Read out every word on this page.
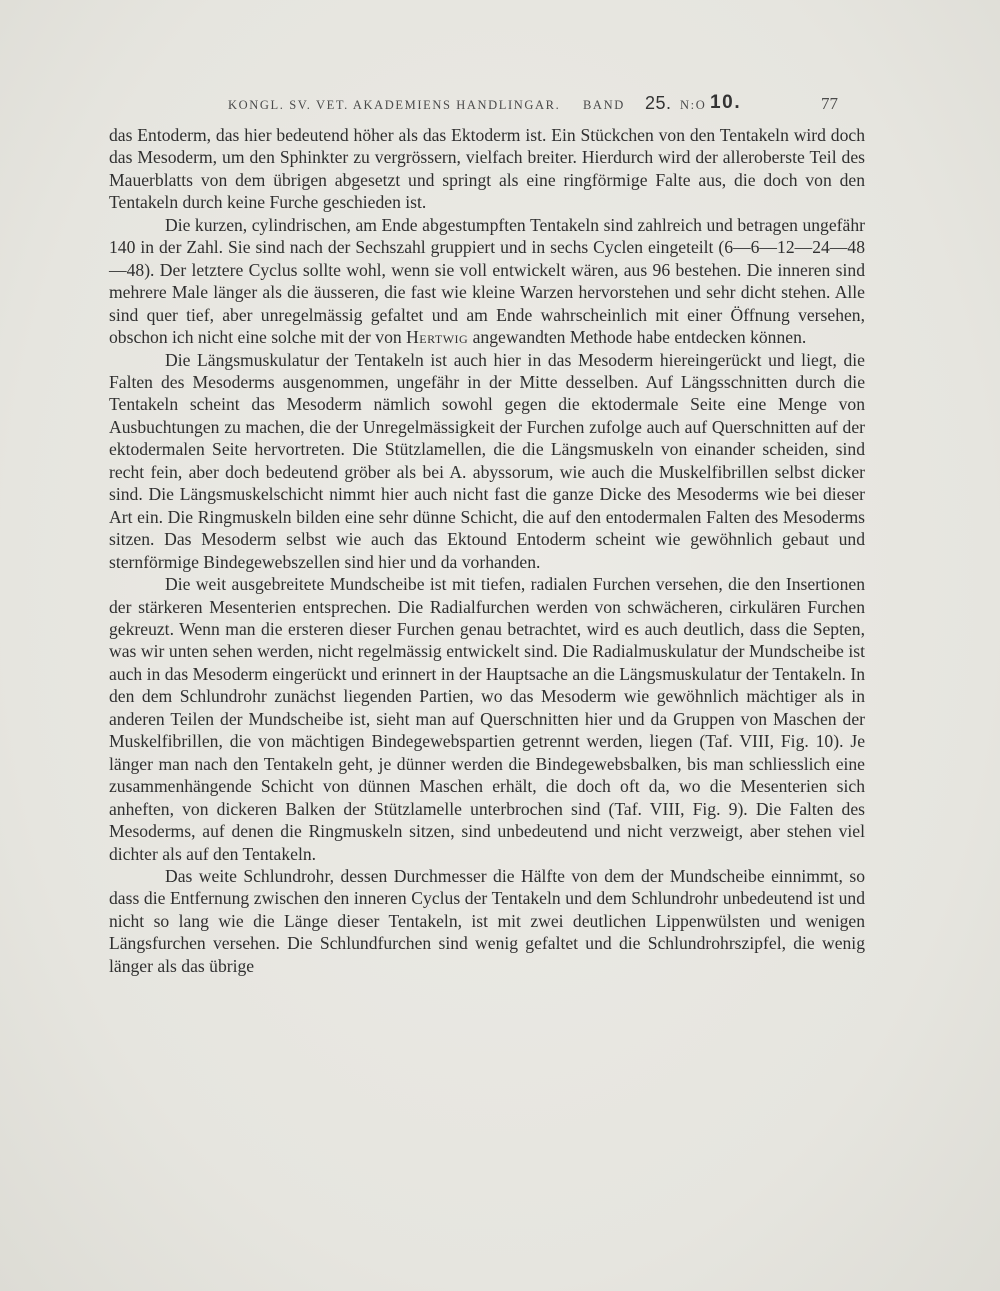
KONGL. SV. VET. AKADEMIENS HANDLINGAR. BAND 25. N:O 10.	77

das Entoderm, das hier bedeutend höher als das Ektoderm ist. Ein Stückchen von den Tentakeln wird doch das Mesoderm, um den Sphinkter zu vergrössern, vielfach breiter. Hierdurch wird der alleroberste Teil des Mauerblatts von dem übrigen abgesetzt und springt als eine ringförmige Falte aus, die doch von den Tentakeln durch keine Furche geschieden ist.

Die kurzen, cylindrischen, am Ende abgestumpften Tentakeln sind zahlreich und betragen ungefähr 140 in der Zahl. Sie sind nach der Sechszahl gruppiert und in sechs Cyclen eingeteilt (6—6—12—24—48—48). Der letztere Cyclus sollte wohl, wenn sie voll entwickelt wären, aus 96 bestehen. Die inneren sind mehrere Male länger als die äusseren, die fast wie kleine Warzen hervorstehen und sehr dicht stehen. Alle sind quer tief, aber unregelmässig gefaltet und am Ende wahrscheinlich mit einer Öffnung versehen, obschon ich nicht eine solche mit der von Hertwig angewandten Methode habe entdecken können.

Die Längsmuskulatur der Tentakeln ist auch hier in das Mesoderm hiereingerückt und liegt, die Falten des Mesoderms ausgenommen, ungefähr in der Mitte desselben. Auf Längsschnitten durch die Tentakeln scheint das Mesoderm nämlich sowohl gegen die ektodermale Seite eine Menge von Ausbuchtungen zu machen, die der Unregelmässigkeit der Furchen zufolge auch auf Querschnitten auf der ektodermalen Seite hervortreten. Die Stützlamellen, die die Längsmuskeln von einander scheiden, sind recht fein, aber doch bedeutend gröber als bei A. abyssorum, wie auch die Muskelfibrillen selbst dicker sind. Die Längsmuskelschicht nimmt hier auch nicht fast die ganze Dicke des Mesoderms wie bei dieser Art ein. Die Ringmuskeln bilden eine sehr dünne Schicht, die auf den entodermalen Falten des Mesoderms sitzen. Das Mesoderm selbst wie auch das Ektound Entoderm scheint wie gewöhnlich gebaut und sternförmige Bindegewebszellen sind hier und da vorhanden.

Die weit ausgebreitete Mundscheibe ist mit tiefen, radialen Furchen versehen, die den Insertionen der stärkeren Mesenterien entsprechen. Die Radialfurchen werden von schwächeren, cirkulären Furchen gekreuzt. Wenn man die ersteren dieser Furchen genau betrachtet, wird es auch deutlich, dass die Septen, was wir unten sehen werden, nicht regelmässig entwickelt sind. Die Radialmuskulatur der Mundscheibe ist auch in das Mesoderm eingerückt und erinnert in der Hauptsache an die Längsmuskulatur der Tentakeln. In den dem Schlundrohr zunächst liegenden Partien, wo das Mesoderm wie gewöhnlich mächtiger als in anderen Teilen der Mundscheibe ist, sieht man auf Querschnitten hier und da Gruppen von Maschen der Muskelfibrillen, die von mächtigen Bindegewebspartien getrennt werden, liegen (Taf. VIII, Fig. 10). Je länger man nach den Tentakeln geht, je dünner werden die Bindegewebsbalken, bis man schliesslich eine zusammenhängende Schicht von dünnen Maschen erhält, die doch oft da, wo die Mesenterien sich anheften, von dickeren Balken der Stützlamelle unterbrochen sind (Taf. VIII, Fig. 9). Die Falten des Mesoderms, auf denen die Ringmuskeln sitzen, sind unbedeutend und nicht verzweigt, aber stehen viel dichter als auf den Tentakeln.

Das weite Schlundrohr, dessen Durchmesser die Hälfte von dem der Mundscheibe einnimmt, so dass die Entfernung zwischen den inneren Cyclus der Tentakeln und dem Schlundrohr unbedeutend ist und nicht so lang wie die Länge dieser Tentakeln, ist mit zwei deutlichen Lippenwülsten und wenigen Längsfurchen versehen. Die Schlundfurchen sind wenig gefaltet und die Schlundrohrszipfel, die wenig länger als das übrige
